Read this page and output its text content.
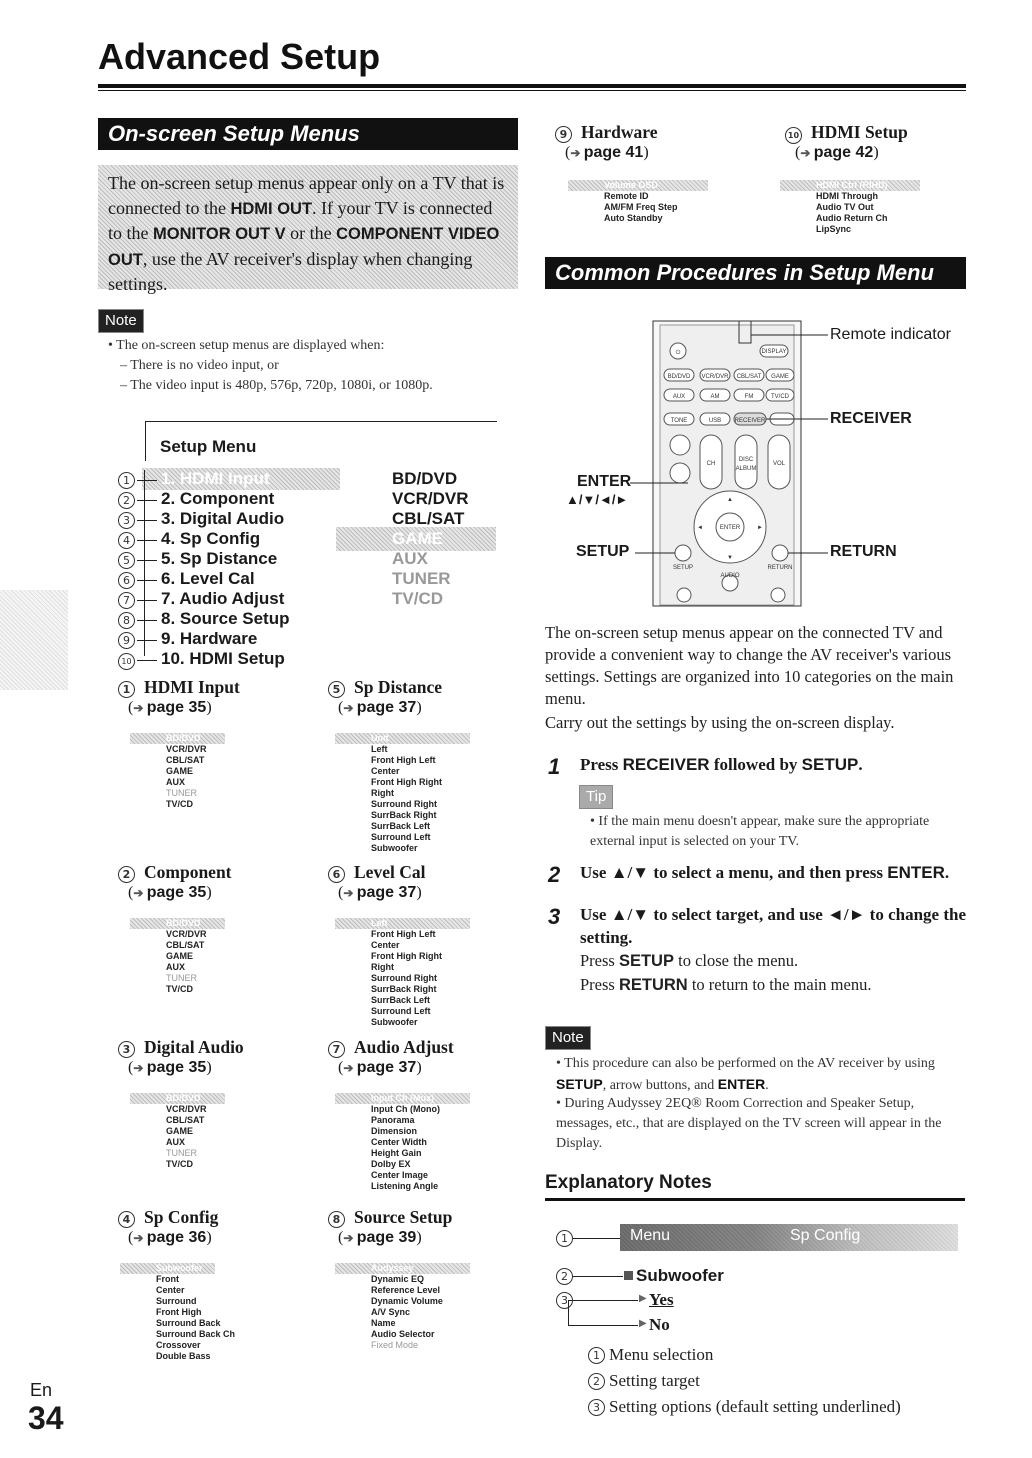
Advanced Setup
On-screen Setup Menus
The on-screen setup menus appear only on a TV that is connected to the HDMI OUT. If your TV is connected to the MONITOR OUT V or the COMPONENT VIDEO OUT, use the AV receiver's display when changing settings.
Note
• The on-screen setup menus are displayed when:
– There is no video input, or
– The video input is 480p, 576p, 720p, 1080i, or 1080p.
Setup Menu
1 1. HDMI Input
2 2. Component
3 3. Digital Audio
4 4. Sp Config
5 5. Sp Distance
6 6. Level Cal
7 7. Audio Adjust
8 8. Source Setup
9 9. Hardware
10 10. HDMI Setup
BD/DVD
VCR/DVR
CBL/SAT
GAME
AUX
TUNER
TV/CD
1 HDMI Input
(➔ page 35)
BD/DVD
VCR/DVR
CBL/SAT
GAME
AUX
TUNER
TV/CD
2 Component
(➔ page 35)
BD/DVD
VCR/DVR
CBL/SAT
GAME
AUX
TUNER
TV/CD
3 Digital Audio
(➔ page 35)
BD/DVD
VCR/DVR
CBL/SAT
GAME
AUX
TUNER
TV/CD
4 Sp Config
(➔ page 36)
Subwoofer
Front
Center
Surround
Front High
Surround Back
Surround Back Ch
Crossover
Double Bass
5 Sp Distance
(➔ page 37)
Unit
Left
Front High Left
Center
Front High Right
Right
Surround Right
SurrBack Right
SurrBack Left
Surround Left
Subwoofer
6 Level Cal
(➔ page 37)
Left
Front High Left
Center
Front High Right
Right
Surround Right
SurrBack Right
SurrBack Left
Surround Left
Subwoofer
7 Audio Adjust
(➔ page 37)
Input Ch (Mux)
Input Ch (Mono)
Panorama
Dimension
Center Width
Height Gain
Dolby EX
Center Image
Listening Angle
8 Source Setup
(➔ page 39)
Audyssey
Dynamic EQ
Reference Level
Dynamic Volume
A/V Sync
Name
Audio Selector
Fixed Mode
9 Hardware
(➔ page 41)
Volume OSD
Remote ID
AM/FM Freq Step
Auto Standby
10 HDMI Setup
(➔ page 42)
HDMI Ctrl (RIHD)
HDMI Through
Audio TV Out
Audio Return Ch
LipSync
En
34
Common Procedures in Setup Menu
⏻	DISPLAY
BD/DVD VCR/DVR CBL/SAT GAME
AUX	AM	FM	TV/CD
TONE	USB RECEIVER
CH
DISC
ALBUM
VOL
ENTER
▲
▼
◄	►
SETUP	RETURN
AUDIO
Remote indicator
RECEIVER
ENTER
▲/▼/◄/►
SETUP	RETURN
The on-screen setup menus appear on the connected TV and provide a convenient way to change the AV receiver's various settings. Settings are organized into 10 categories on the main menu.
Carry out the settings by using the on-screen display.
1 Press RECEIVER followed by SETUP.
Tip
• If the main menu doesn't appear, make sure the appropriate external input is selected on your TV.
2 Use ▲/▼ to select a menu, and then press ENTER.
3 Use ▲/▼ to select target, and use ◄/► to change the setting.
Press SETUP to close the menu.
Press RETURN to return to the main menu.
Note
• This procedure can also be performed on the AV receiver by using SETUP, arrow buttons, and ENTER.
• During Audyssey 2EQ® Room Correction and Speaker Setup, messages, etc., that are displayed on the TV screen will appear in the Display.
Explanatory Notes
1	Menu	Sp Config
2	Subwoofer
3	▶
▶
Yes
No
1 Menu selection
2 Setting target
3 Setting options (default setting underlined)
